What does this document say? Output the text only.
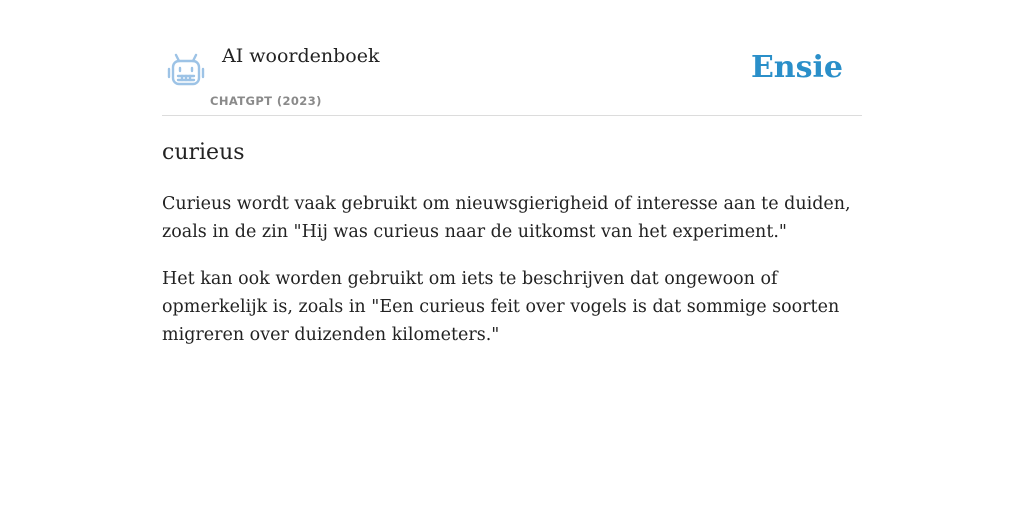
AI woordenboek
CHATGPT (2023)
Ensie
curieus

Curieus wordt vaak gebruikt om nieuwsgierigheid of interesse aan te duiden, zoals in de zin "Hij was curieus naar de uitkomst van het experiment."

Het kan ook worden gebruikt om iets te beschrijven dat ongewoon of opmerkelijk is, zoals in "Een curieus feit over vogels is dat sommige soorten migreren over duizenden kilometers."
